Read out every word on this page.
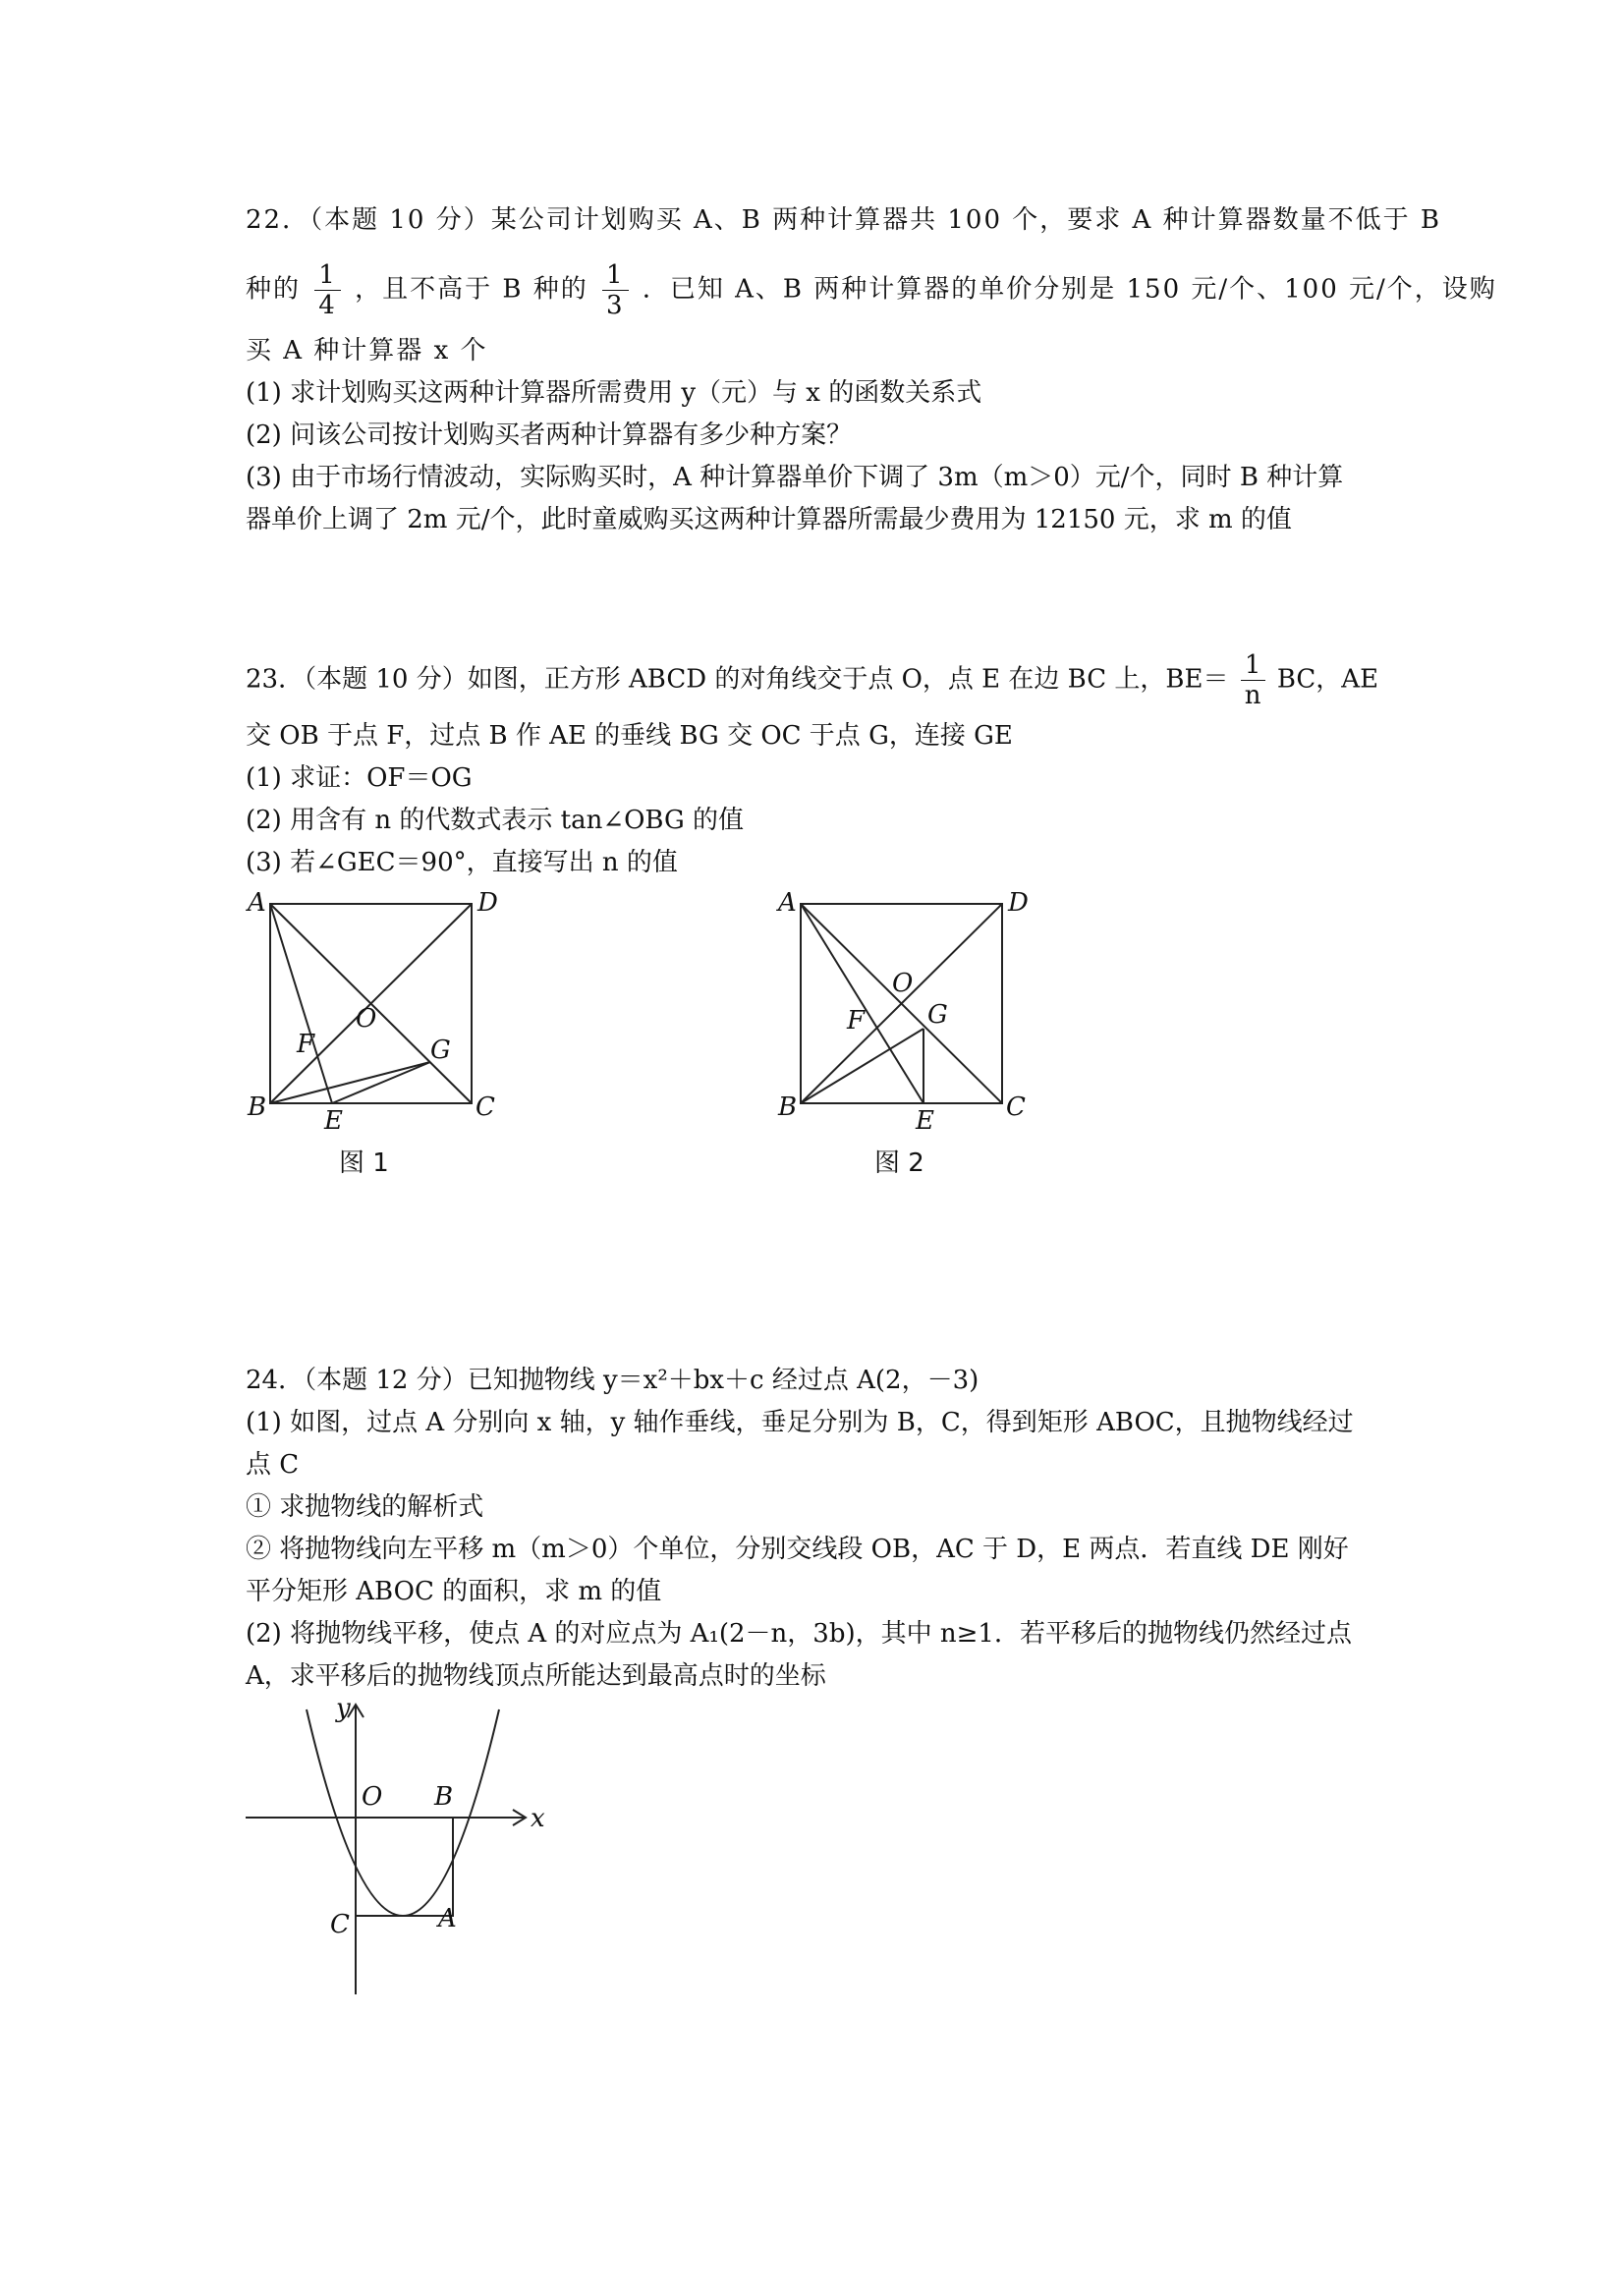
22．（本题 10 分）某公司计划购买 A、B 两种计算器共 100 个，要求 A 种计算器数量不低于 B
种的 $\frac{1}{4}$ ，且不高于 B 种的 $\frac{1}{3}$ ．已知 A、B 两种计算器的单价分别是 150 元/个、100 元/个，设购
买 A 种计算器 x 个
(1) 求计划购买这两种计算器所需费用 y（元）与 x 的函数关系式
(2) 问该公司按计划购买者两种计算器有多少种方案？
(3) 由于市场行情波动，实际购买时，A 种计算器单价下调了 3m（m＞0）元/个，同时 B 种计算
器单价上调了 2m 元/个，此时童威购买这两种计算器所需最少费用为 12150 元，求 m 的值
23．（本题 10 分）如图，正方形 ABCD 的对角线交于点 O，点 E 在边 BC 上，$BE= \frac{1}{n}$ BC，AE
交 OB 于点 F，过点 B 作 AE 的垂线 BG 交 OC 于点 G，连接 GE
(1) 求证：OF＝OG
(2) 用含有 n 的代数式表示 tan∠OBG 的值
(3) 若∠GEC＝90°，直接写出 n 的值
A
B	C
D
O
E
F	G
图 1
A
B	C
D
O
E
F G
图 2
24．（本题 12 分）已知抛物线 y＝x²＋bx＋c 经过点 A(2，－3)
(1) 如图，过点 A 分别向 x 轴，y 轴作垂线，垂足分别为 B，C，得到矩形 ABOC，且抛物线经过
点 C
① 求抛物线的解析式
② 将抛物线向左平移 m（m＞0）个单位，分别交线段 OB，AC 于 D，E 两点．若直线 DE 刚好
平分矩形 ABOC 的面积，求 m 的值
(2) 将抛物线平移，使点 A 的对应点为 A₁(2－n，3b)，其中 n≥1．若平移后的抛物线仍然经过点
A，求平移后的抛物线顶点所能达到最高点时的坐标
y
x
O B
C	A
